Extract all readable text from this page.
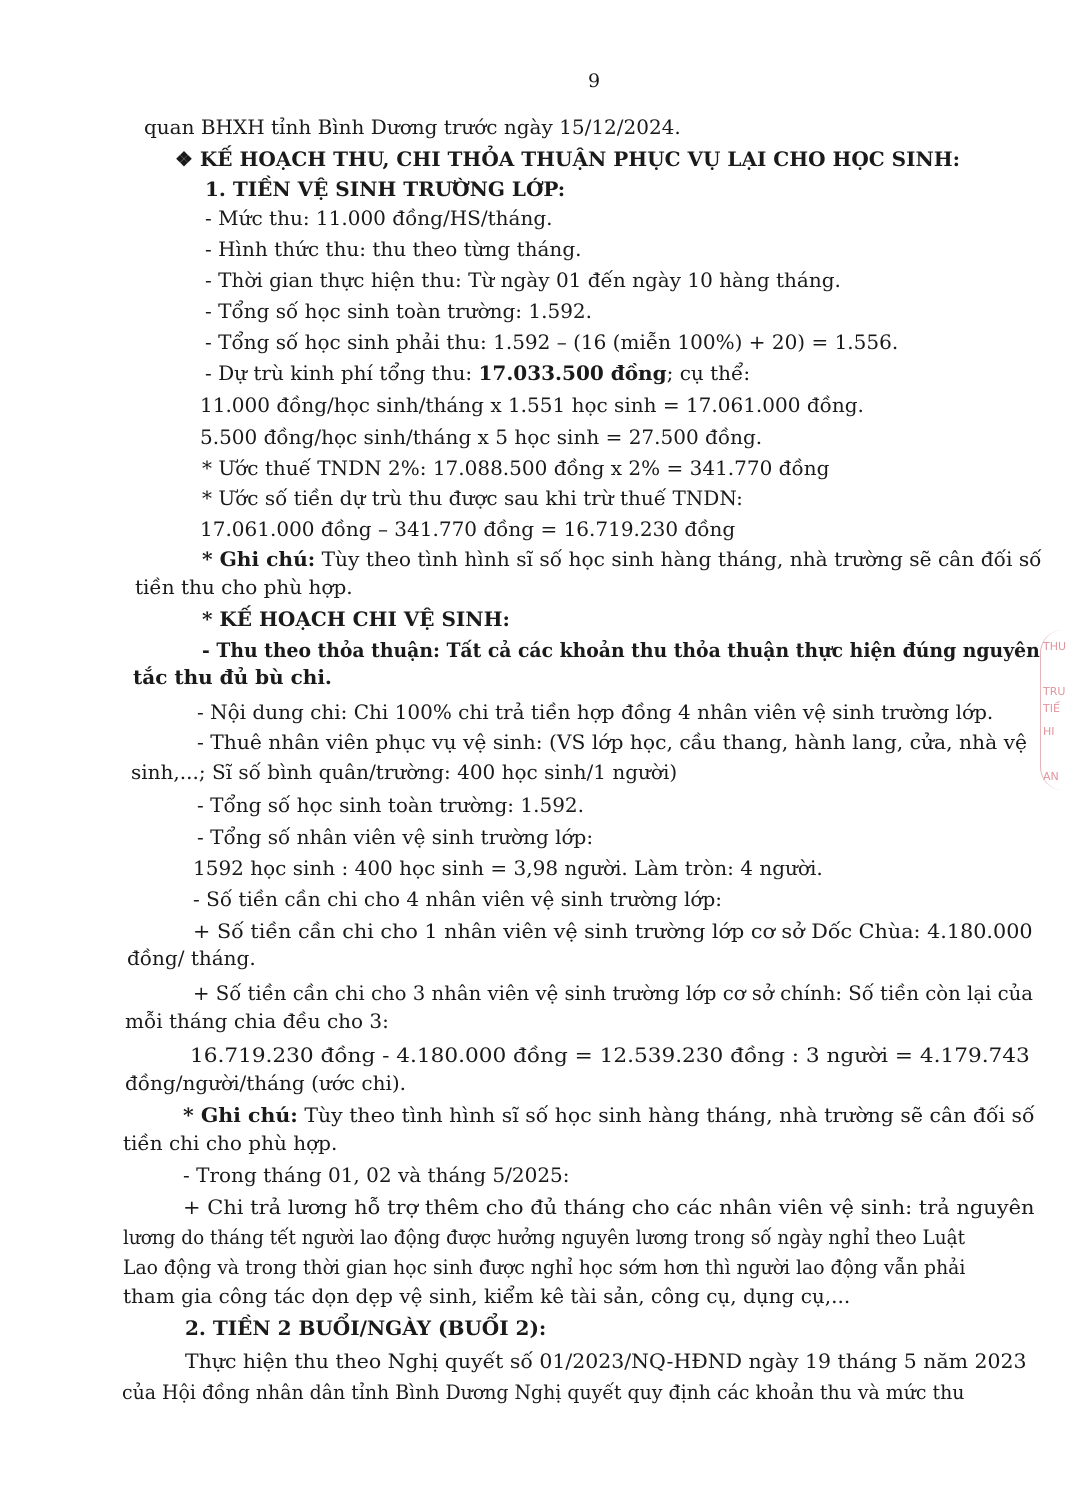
9
quan BHXH tỉnh Bình Dương trước ngày 15/12/2024.
❖ KẾ HOẠCH THU, CHI THỎA THUẬN PHỤC VỤ LẠI CHO HỌC SINH:
1. TIỀN VỆ SINH TRƯỜNG LỚP:
- Mức thu: 11.000 đồng/HS/tháng.
- Hình thức thu: thu theo từng tháng.
- Thời gian thực hiện thu: Từ ngày 01 đến ngày 10 hàng tháng.
- Tổng số học sinh toàn trường: 1.592.
- Tổng số học sinh phải thu: 1.592 – (16 (miễn 100%) + 20) = 1.556.
- Dự trù kinh phí tổng thu: 17.033.500 đồng; cụ thể:
11.000 đồng/học sinh/tháng x 1.551 học sinh = 17.061.000 đồng.
5.500 đồng/học sinh/tháng x 5 học sinh = 27.500 đồng.
* Ước thuế TNDN 2%: 17.088.500 đồng x 2% = 341.770 đồng
* Ước số tiền dự trù thu được sau khi trừ thuế TNDN:
17.061.000 đồng – 341.770 đồng = 16.719.230 đồng
* Ghi chú: Tùy theo tình hình sĩ số học sinh hàng tháng, nhà trường sẽ cân đối số
tiền thu cho phù hợp.
* KẾ HOẠCH CHI VỆ SINH:
- Thu theo thỏa thuận: Tất cả các khoản thu thỏa thuận thực hiện đúng nguyên
tắc thu đủ bù chi.
- Nội dung chi: Chi 100% chi trả tiền hợp đồng 4 nhân viên vệ sinh trường lớp.
- Thuê nhân viên phục vụ vệ sinh: (VS lớp học, cầu thang, hành lang, cửa, nhà vệ
sinh,...; Sĩ số bình quân/trường: 400 học sinh/1 người)
- Tổng số học sinh toàn trường: 1.592.
- Tổng số nhân viên vệ sinh trường lớp:
1592 học sinh : 400 học sinh = 3,98 người. Làm tròn: 4 người.
- Số tiền cần chi cho 4 nhân viên vệ sinh trường lớp:
+ Số tiền cần chi cho 1 nhân viên vệ sinh trường lớp cơ sở Dốc Chùa: 4.180.000
đồng/ tháng.
+ Số tiền cần chi cho 3 nhân viên vệ sinh trường lớp cơ sở chính: Số tiền còn lại của
mỗi tháng chia đều cho 3:
16.719.230 đồng - 4.180.000 đồng = 12.539.230 đồng : 3 người = 4.179.743
đồng/người/tháng (ước chi).
* Ghi chú: Tùy theo tình hình sĩ số học sinh hàng tháng, nhà trường sẽ cân đối số
tiền chi cho phù hợp.
- Trong tháng 01, 02 và tháng 5/2025:
+ Chi trả lương hỗ trợ thêm cho đủ tháng cho các nhân viên vệ sinh: trả nguyên
lương do tháng tết người lao động được hưởng nguyên lương trong số ngày nghỉ theo Luật
Lao động và trong thời gian học sinh được nghỉ học sớm hơn thì người lao động vẫn phải
tham gia công tác dọn dẹp vệ sinh, kiểm kê tài sản, công cụ, dụng cụ,...
2. TIỀN 2 BUỔI/NGÀY (BUỔI 2):
Thực hiện thu theo Nghị quyết số 01/2023/NQ-HĐND ngày 19 tháng 5 năm 2023
của Hội đồng nhân dân tỉnh Bình Dương Nghị quyết quy định các khoản thu và mức thu
THU
TRU
TIỂ
HI
AN
